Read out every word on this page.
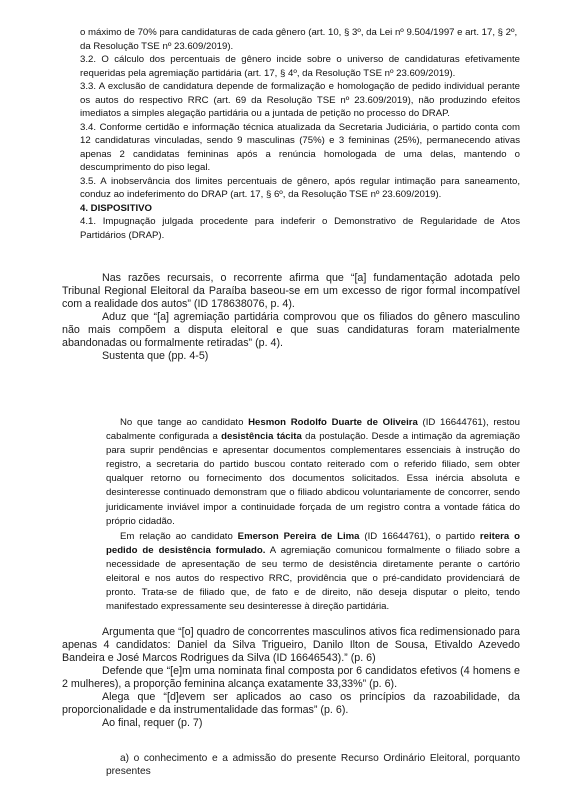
o máximo de 70% para candidaturas de cada gênero (art. 10, § 3º, da Lei nº 9.504/1997 e art. 17, § 2º, da Resolução TSE nº 23.609/2019).

3.2. O cálculo dos percentuais de gênero incide sobre o universo de candidaturas efetivamente requeridas pela agremiação partidária (art. 17, § 4º, da Resolução TSE nº 23.609/2019).

3.3. A exclusão de candidatura depende de formalização e homologação de pedido individual perante os autos do respectivo RRC (art. 69 da Resolução TSE nº 23.609/2019), não produzindo efeitos imediatos a simples alegação partidária ou a juntada de petição no processo do DRAP.

3.4. Conforme certidão e informação técnica atualizada da Secretaria Judiciária, o partido conta com 12 candidaturas vinculadas, sendo 9 masculinas (75%) e 3 femininas (25%), permanecendo ativas apenas 2 candidatas femininas após a renúncia homologada de uma delas, mantendo o descumprimento do piso legal.

3.5. A inobservância dos limites percentuais de gênero, após regular intimação para saneamento, conduz ao indeferimento do DRAP (art. 17, § 6º, da Resolução TSE nº 23.609/2019).

4. DISPOSITIVO

4.1. Impugnação julgada procedente para indeferir o Demonstrativo de Regularidade de Atos Partidários (DRAP).

Nas razões recursais, o recorrente afirma que “[a] fundamentação adotada pelo Tribunal Regional Eleitoral da Paraíba baseou-se em um excesso de rigor formal incompatível com a realidade dos autos” (ID 178638076, p. 4).

Aduz que “[a] agremiação partidária comprovou que os filiados do gênero masculino não mais compõem a disputa eleitoral e que suas candidaturas foram materialmente abandonadas ou formalmente retiradas” (p. 4).

Sustenta que (pp. 4-5)

No que tange ao candidato Hesmon Rodolfo Duarte de Oliveira (ID 16644761), restou cabalmente configurada a desistência tácita da postulação. Desde a intimação da agremiação para suprir pendências e apresentar documentos complementares essenciais à instrução do registro, a secretaria do partido buscou contato reiterado com o referido filiado, sem obter qualquer retorno ou fornecimento dos documentos solicitados. Essa inércia absoluta e desinteresse continuado demonstram que o filiado abdicou voluntariamente de concorrer, sendo juridicamente inviável impor a continuidade forçada de um registro contra a vontade fática do próprio cidadão.

Em relação ao candidato Emerson Pereira de Lima (ID 16644761), o partido reitera o pedido de desistência formulado. A agremiação comunicou formalmente o filiado sobre a necessidade de apresentação de seu termo de desistência diretamente perante o cartório eleitoral e nos autos do respectivo RRC, providência que o pré-candidato providenciará de pronto. Trata-se de filiado que, de fato e de direito, não deseja disputar o pleito, tendo manifestado expressamente seu desinteresse à direção partidária.

Argumenta que “[o] quadro de concorrentes masculinos ativos fica redimensionado para apenas 4 candidatos: Daniel da Silva Trigueiro, Danilo Ilton de Sousa, Etivaldo Azevedo Bandeira e José Marcos Rodrigues da Silva (ID 16646543).” (p. 6)

Defende que “[e]m uma nominata final composta por 6 candidatos efetivos (4 homens e 2 mulheres), a proporção feminina alcança exatamente 33,33%” (p. 6).

Alega que “[d]evem ser aplicados ao caso os princípios da razoabilidade, da proporcionalidade e da instrumentalidade das formas” (p. 6).

Ao final, requer (p. 7)

a) o conhecimento e a admissão do presente Recurso Ordinário Eleitoral, porquanto presentes
